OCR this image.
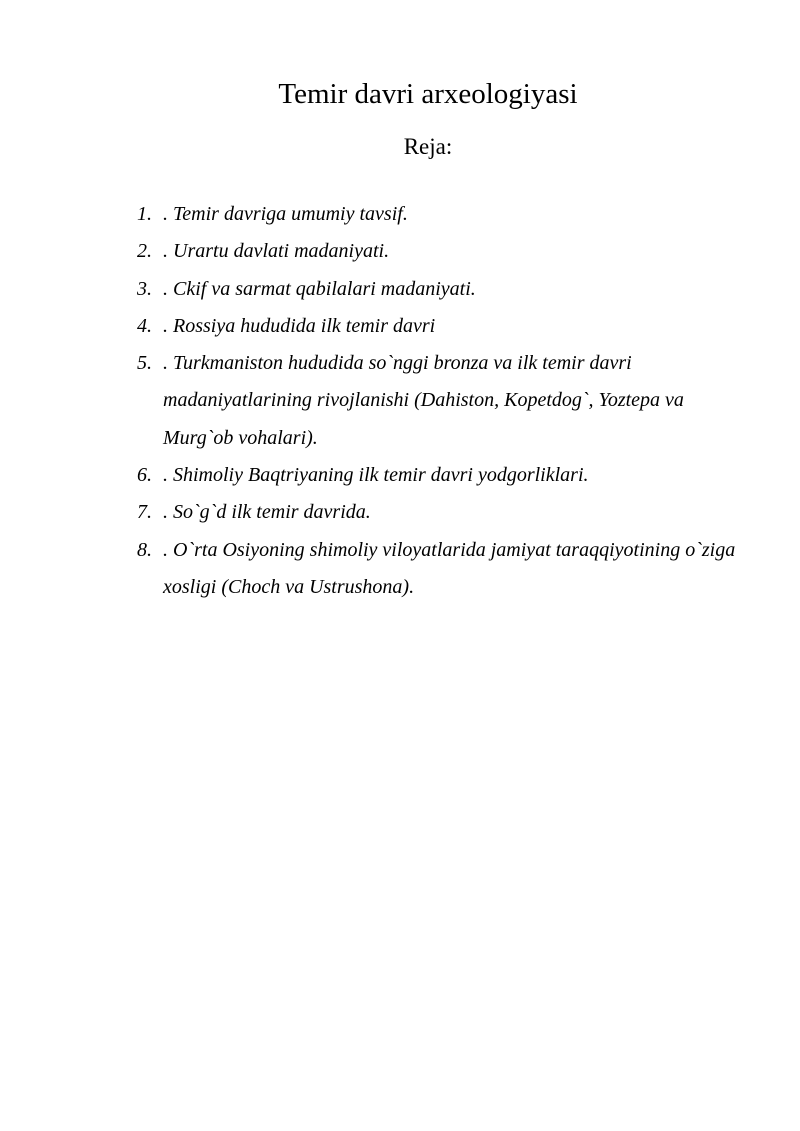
Temir davri arxeologiyasi
Reja:
1. . Temir davriga umumiy tavsif.
2. . Urartu davlati madaniyati.
3. . Ckif va sarmat qabilalari madaniyati.
4. . Rossiya hududida ilk temir davri
5. . Turkmaniston hududida so`nggi bronza va ilk temir davri madaniyatlarining rivojlanishi (Dahiston, Kopetdog`, Yoztepa va Murg`ob vohalari).
6. . Shimoliy Baqtriyaning ilk temir davri yodgorliklari.
7. . So`g`d ilk temir davrida.
8. . O`rta Osiyoning shimoliy viloyatlarida jamiyat taraqqiyotining o`ziga xosligi (Choch va Ustrushona).
